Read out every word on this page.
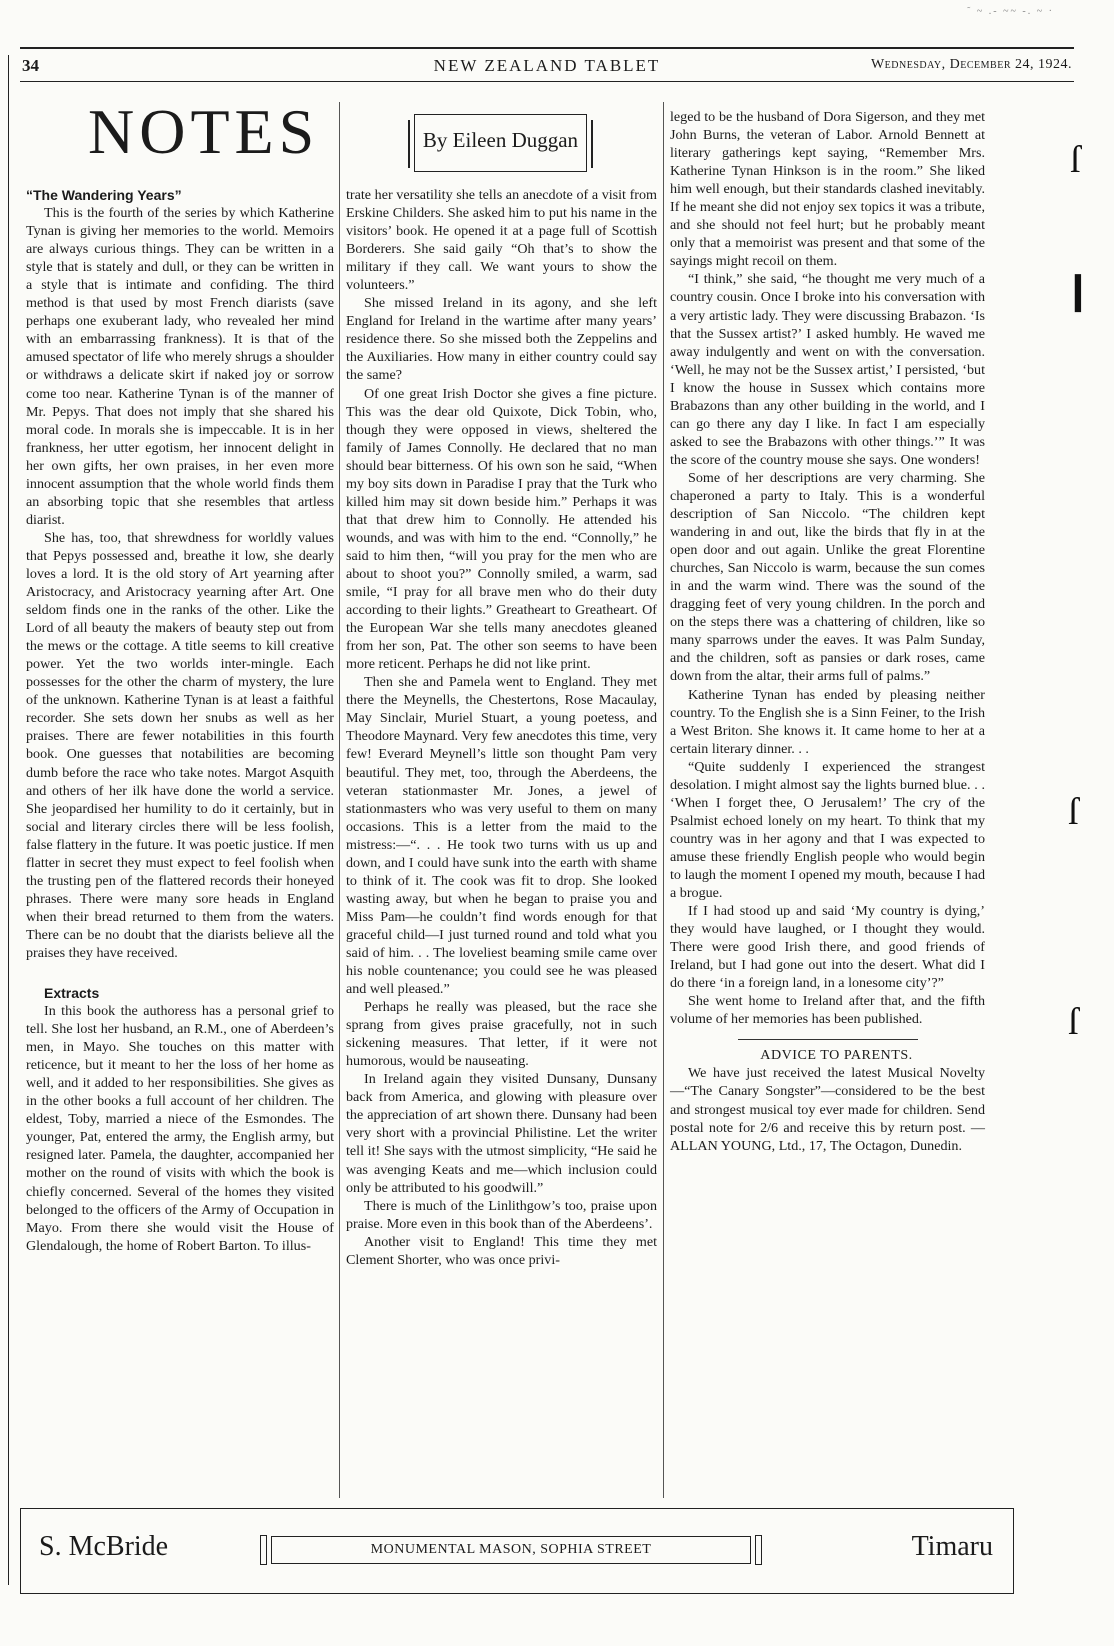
˜ ~ .- ~~ -. ~ ·
34	NEW ZEALAND TABLET	Wednesday, December 24, 1924.
NOTES	By Eileen Duggan

“The Wandering Years”

This is the fourth of the series by which Katherine Tynan is giving her memories to the world. Memoirs are always curious things. They can be written in a style that is stately and dull, or they can be written in a style that is intimate and confiding. The third method is that used by most French diarists (save perhaps one exuberant lady, who revealed her mind with an embarrassing frankness). It is that of the amused spectator of life who merely shrugs a shoulder or withdraws a delicate skirt if naked joy or sorrow come too near. Katherine Tynan is of the manner of Mr. Pepys. That does not imply that she shared his moral code. In morals she is impeccable. It is in her frankness, her utter egotism, her innocent delight in her own gifts, her own praises, in her even more innocent assumption that the whole world finds them an absorbing topic that she resembles that artless diarist.

She has, too, that shrewdness for worldly values that Pepys possessed and, breathe it low, she dearly loves a lord. It is the old story of Art yearning after Aristocracy, and Aristocracy yearning after Art. One seldom finds one in the ranks of the other. Like the Lord of all beauty the makers of beauty step out from the mews or the cottage. A title seems to kill creative power. Yet the two worlds inter-mingle. Each possesses for the other the charm of mystery, the lure of the unknown. Katherine Tynan is at least a faithful recorder. She sets down her snubs as well as her praises. There are fewer notabilities in this fourth book. One guesses that notabilities are becoming dumb before the race who take notes. Margot Asquith and others of her ilk have done the world a service. She jeopardised her humility to do it certainly, but in social and literary circles there will be less foolish, false flattery in the future. It was poetic justice. If men flatter in secret they must expect to feel foolish when the trusting pen of the flattered records their honeyed phrases. There were many sore heads in England when their bread returned to them from the waters. There can be no doubt that the diarists believe all the praises they have received.

Extracts

In this book the authoress has a personal grief to tell. She lost her husband, an R.M., one of Aberdeen’s men, in Mayo. She touches on this matter with reticence, but it meant to her the loss of her home as well, and it added to her responsibilities. She gives as in the other books a full account of her children. The eldest, Toby, married a niece of the Esmondes. The younger, Pat, entered the army, the English army, but resigned later. Pamela, the daughter, accompanied her mother on the round of visits with which the book is chiefly concerned. Several of the homes they visited belonged to the officers of the Army of Occupation in Mayo. From there she would visit the House of Glendalough, the home of Robert Barton. To illus-

trate her versatility she tells an anecdote of a visit from Erskine Childers. She asked him to put his name in the visitors’ book. He opened it at a page full of Scottish Borderers. She said gaily “Oh that’s to show the military if they call. We want yours to show the volunteers.”

She missed Ireland in its agony, and she left England for Ireland in the wartime after many years’ residence there. So she missed both the Zeppelins and the Auxiliaries. How many in either country could say the same?

Of one great Irish Doctor she gives a fine picture. This was the dear old Quixote, Dick Tobin, who, though they were opposed in views, sheltered the family of James Connolly. He declared that no man should bear bitterness. Of his own son he said, “When my boy sits down in Paradise I pray that the Turk who killed him may sit down beside him.” Perhaps it was that that drew him to Connolly. He attended his wounds, and was with him to the end. “Connolly,” he said to him then, “will you pray for the men who are about to shoot you?” Connolly smiled, a warm, sad smile, “I pray for all brave men who do their duty according to their lights.” Greatheart to Greatheart. Of the European War she tells many anecdotes gleaned from her son, Pat. The other son seems to have been more reticent. Perhaps he did not like print.

Then she and Pamela went to England. They met there the Meynells, the Chestertons, Rose Macaulay, May Sinclair, Muriel Stuart, a young poetess, and Theodore Maynard. Very few anecdotes this time, very few! Everard Meynell’s little son thought Pam very beautiful. They met, too, through the Aberdeens, the veteran stationmaster Mr. Jones, a jewel of stationmasters who was very useful to them on many occasions. This is a letter from the maid to the mistress:—“. . . He took two turns with us up and down, and I could have sunk into the earth with shame to think of it. The cook was fit to drop. She looked wasting away, but when he began to praise you and Miss Pam—he couldn’t find words enough for that graceful child—I just turned round and told what you said of him. . . The loveliest beaming smile came over his noble countenance; you could see he was pleased and well pleased.”

Perhaps he really was pleased, but the race she sprang from gives praise gracefully, not in such sickening measures. That letter, if it were not humorous, would be nauseating.

In Ireland again they visited Dunsany, Dunsany back from America, and glowing with pleasure over the appreciation of art shown there. Dunsany had been very short with a provincial Philistine. Let the writer tell it! She says with the utmost simplicity, “He said he was avenging Keats and me—which inclusion could only be attributed to his goodwill.”

There is much of the Linlithgow’s too, praise upon praise. More even in this book than of the Aberdeens’.

Another visit to England! This time they met Clement Shorter, who was once privi-

leged to be the husband of Dora Sigerson, and they met John Burns, the veteran of Labor. Arnold Bennett at literary gatherings kept saying, “Remember Mrs. Katherine Tynan Hinkson is in the room.” She liked him well enough, but their standards clashed inevitably. If he meant she did not enjoy sex topics it was a tribute, and she should not feel hurt; but he probably meant only that a memoirist was present and that some of the sayings might recoil on them.

“I think,” she said, “he thought me very much of a country cousin. Once I broke into his conversation with a very artistic lady. They were discussing Brabazon. ‘Is that the Sussex artist?’ I asked humbly. He waved me away indulgently and went on with the conversation. ‘Well, he may not be the Sussex artist,’ I persisted, ‘but I know the house in Sussex which contains more Brabazons than any other building in the world, and I can go there any day I like. In fact I am especially asked to see the Brabazons with other things.’” It was the score of the country mouse she says. One wonders!

Some of her descriptions are very charming. She chaperoned a party to Italy. This is a wonderful description of San Niccolo. “The children kept wandering in and out, like the birds that fly in at the open door and out again. Unlike the great Florentine churches, San Niccolo is warm, because the sun comes in and the warm wind. There was the sound of the dragging feet of very young children. In the porch and on the steps there was a chattering of children, like so many sparrows under the eaves. It was Palm Sunday, and the children, soft as pansies or dark roses, came down from the altar, their arms full of palms.”

Katherine Tynan has ended by pleasing neither country. To the English she is a Sinn Feiner, to the Irish a West Briton. She knows it. It came home to her at a certain literary dinner. . .

“Quite suddenly I experienced the strangest desolation. I might almost say the lights burned blue. . . ‘When I forget thee, O Jerusalem!’ The cry of the Psalmist echoed lonely on my heart. To think that my country was in her agony and that I was expected to amuse these friendly English people who would begin to laugh the moment I opened my mouth, because I had a brogue.

If I had stood up and said ‘My country is dying,’ they would have laughed, or I thought they would. There were good Irish there, and good friends of Ireland, but I had gone out into the desert. What did I do there ‘in a foreign land, in a lonesome city’?”

She went home to Ireland after that, and the fifth volume of her memories has been published.

ADVICE TO PARENTS.

We have just received the latest Musical Novelty—“The Canary Songster”—considered to be the best and strongest musical toy ever made for children. Send postal note for 2/6 and receive this by return post. —ALLAN YOUNG, Ltd., 17, The Octagon, Dunedin.

ſ
❙
ſ
ſ
S. McBride	MONUMENTAL MASON, SOPHIA STREET	Timaru
